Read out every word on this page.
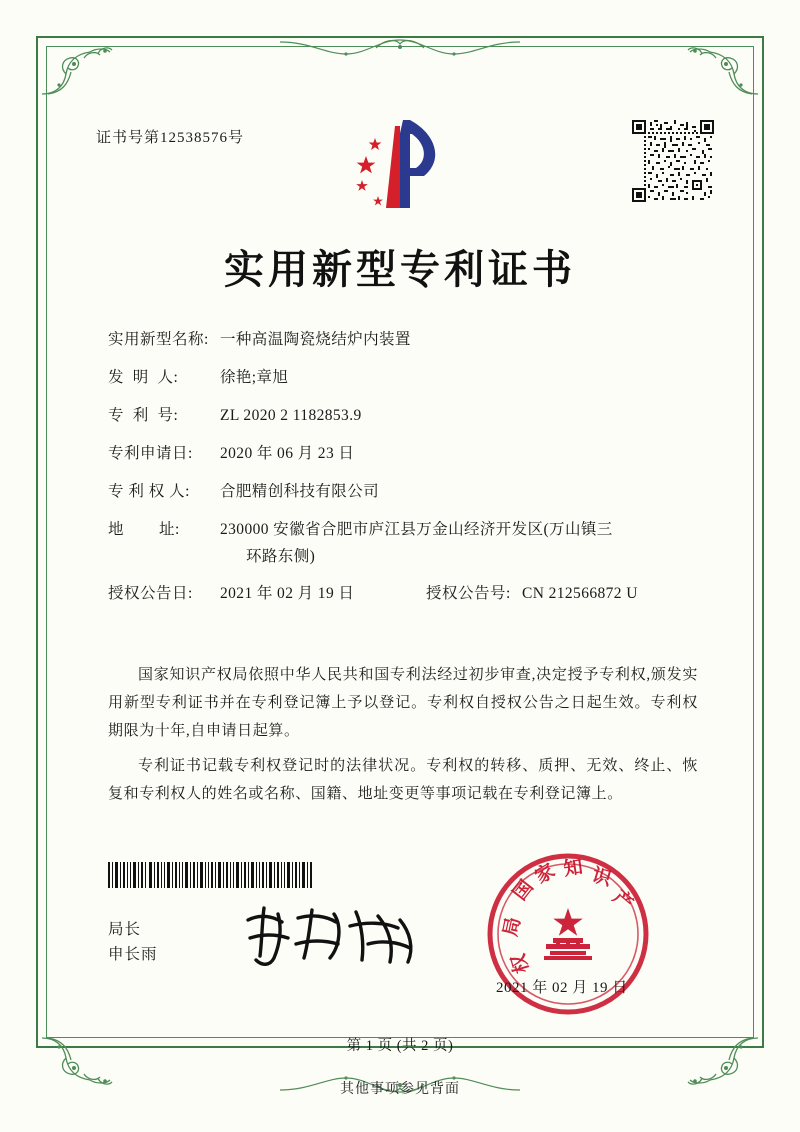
证书号第12538576号
实用新型专利证书
实用新型名称: 一种高温陶瓷烧结炉内装置
发  明  人:	徐艳;章旭
专  利  号:	ZL 2020 2 1182853.9
专利申请日:	2020 年 06 月 23 日
专 利 权 人:	合肥精创科技有限公司
地        址:	230000 安徽省合肥市庐江县万金山经济开发区(万山镇三
环路东侧)
授权公告日:	2021 年 02 月 19 日	授权公告号: CN 212566872 U

国家知识产权局依照中华人民共和国专利法经过初步审查,决定授予专利权,颁发实用新型专利证书并在专利登记簿上予以登记。专利权自授权公告之日起生效。专利权期限为十年,自申请日起算。

专利证书记载专利权登记时的法律状况。专利权的转移、质押、无效、终止、恢复和专利权人的姓名或名称、国籍、地址变更等事项记载在专利登记簿上。

局长
申长雨
国
局
权
家 知 识
产
2021 年 02 月 19 日
第 1 页 (共 2 页)
其他事项参见背面
